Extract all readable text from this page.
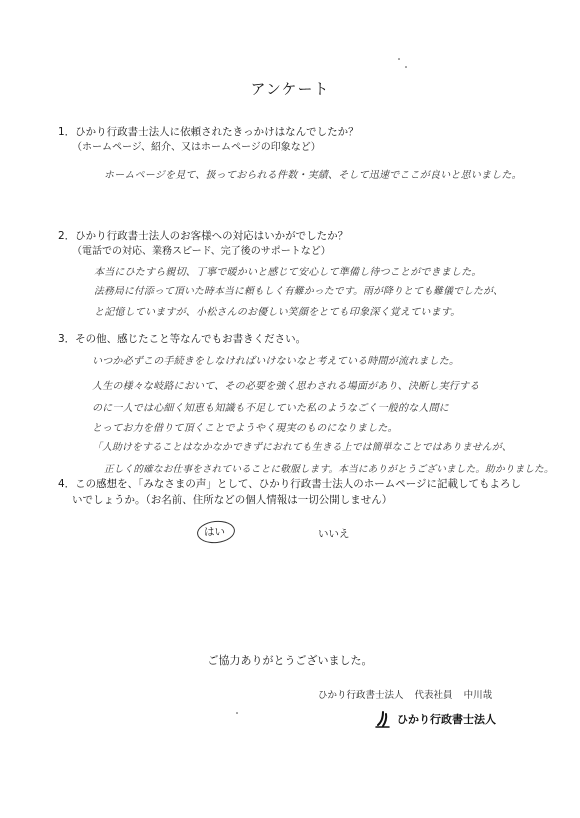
アンケート
1．ひかり行政書士法人に依頼されたきっかけはなんでしたか？
（ホームページ、紹介、又はホームページの印象など）
ホームページを見て、扱っておられる件数・実績、そして迅速でここが良いと思いました。
2．ひかり行政書士法人のお客様への対応はいかがでしたか？
（電話での対応、業務スピード、完了後のサポートなど）
本当にひたすら親切、丁寧で暖かいと感じて安心して準備し待つことができました。
法務局に付添って頂いた時本当に頼もしく有難かったです。雨が降りとても難儀でしたが、
と記憶していますが、小松さんのお優しい笑顔をとても印象深く覚えています。
3．その他、感じたこと等なんでもお書きください。
いつか必ずこの手続きをしなければいけないなと考えている時間が流れました。
人生の様々な岐路において、その必要を強く思わされる場面があり、決断し実行する
のに一人では心細く知恵も知識も不足していた私のようなごく一般的な人間に
とってお力を借りて頂くことでようやく現実のものになりました。
「人助けをすることはなかなかできずにおれても生きる上では簡単なことではありませんが、
正しく的確なお仕事をされていることに敬服します。本当にありがとうございました。助かりました。
4．この感想を、「みなさまの声」として、ひかり行政書士法人のホームページに記載してもよろし
いでしょうか。（お名前、住所などの個人情報は一切公開しません）
はい	いいえ
ご協力ありがとうございました。
ひかり行政書士法人 代表社員 中川哉
ひかり行政書士法人
